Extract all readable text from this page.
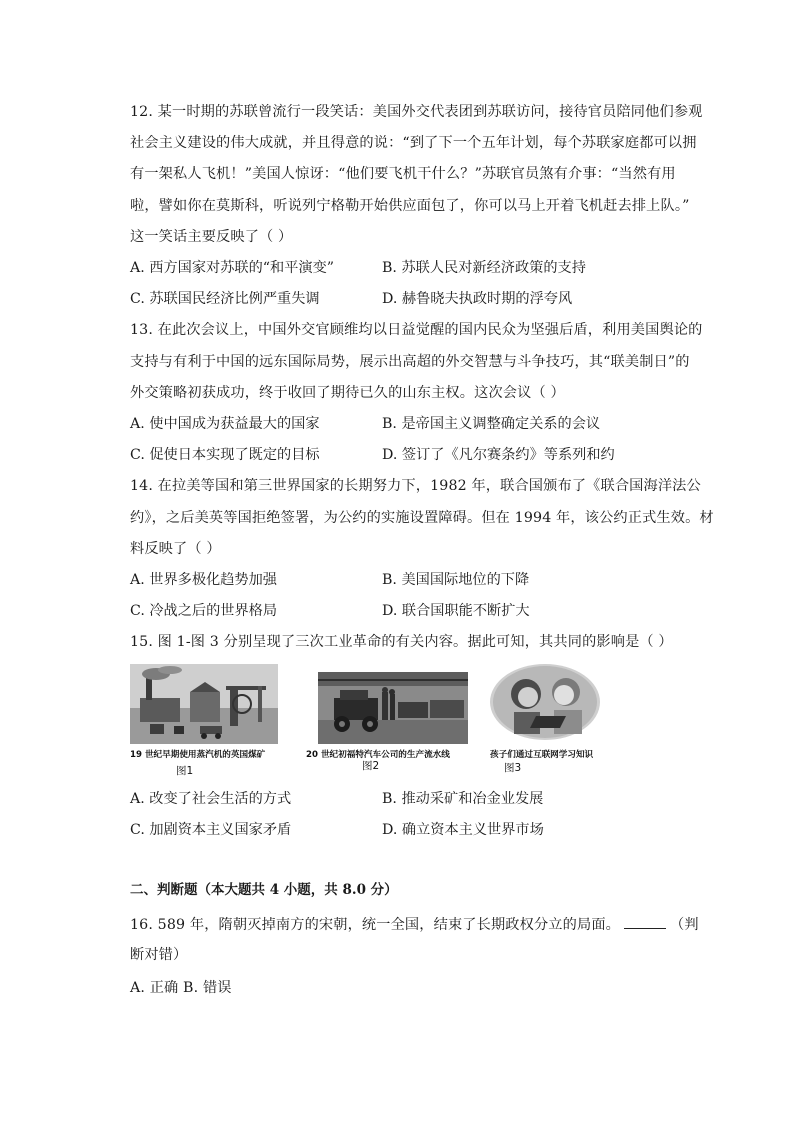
12. 某一时期的苏联曾流行一段笑话：美国外交代表团到苏联访问，接待官员陪同他们参观
社会主义建设的伟大成就，并且得意的说：“到了下一个五年计划，每个苏联家庭都可以拥
有一架私人飞机！”美国人惊讶：“他们要飞机干什么？”苏联官员煞有介事：“当然有用
啦，譬如你在莫斯科，听说列宁格勒开始供应面包了，你可以马上开着飞机赶去排上队。”
这一笑话主要反映了（ ）
A. 西方国家对苏联的“和平演变”	B. 苏联人民对新经济政策的支持
C. 苏联国民经济比例严重失调	D. 赫鲁晓夫执政时期的浮夸风
13. 在此次会议上，中国外交官顾维均以日益觉醒的国内民众为坚强后盾，利用美国舆论的
支持与有利于中国的远东国际局势，展示出高超的外交智慧与斗争技巧，其“联美制日”的
外交策略初获成功，终于收回了期待已久的山东主权。这次会议（ ）
A. 使中国成为获益最大的国家	B. 是帝国主义调整确定关系的会议
C. 促使日本实现了既定的目标	D. 签订了《凡尔赛条约》等系列和约
14. 在拉美等国和第三世界国家的长期努力下，1982 年，联合国颁布了《联合国海洋法公
约》，之后美英等国拒绝签署，为公约的实施设置障碍。但在 1994 年，该公约正式生效。材
料反映了（ ）
A. 世界多极化趋势加强	B. 美国国际地位的下降
C. 冷战之后的世界格局	D. 联合国职能不断扩大
15. 图 1-图 3 分别呈现了三次工业革命的有关内容。据此可知，其共同的影响是（ ）
19 世纪早期使用蒸汽机的英国煤矿
图1
20 世纪初福特汽车公司的生产流水线
图2
孩子们通过互联网学习知识
图3
A. 改变了社会生活的方式	B. 推动采矿和冶金业发展
C. 加剧资本主义国家矛盾	D. 确立资本主义世界市场
二、判断题（本大题共 4 小题，共 8.0 分）
16. 589 年，隋朝灭掉南方的宋朝，统一全国，结束了长期政权分立的局面。	（判
断对错）
A. 正确 B. 错误
